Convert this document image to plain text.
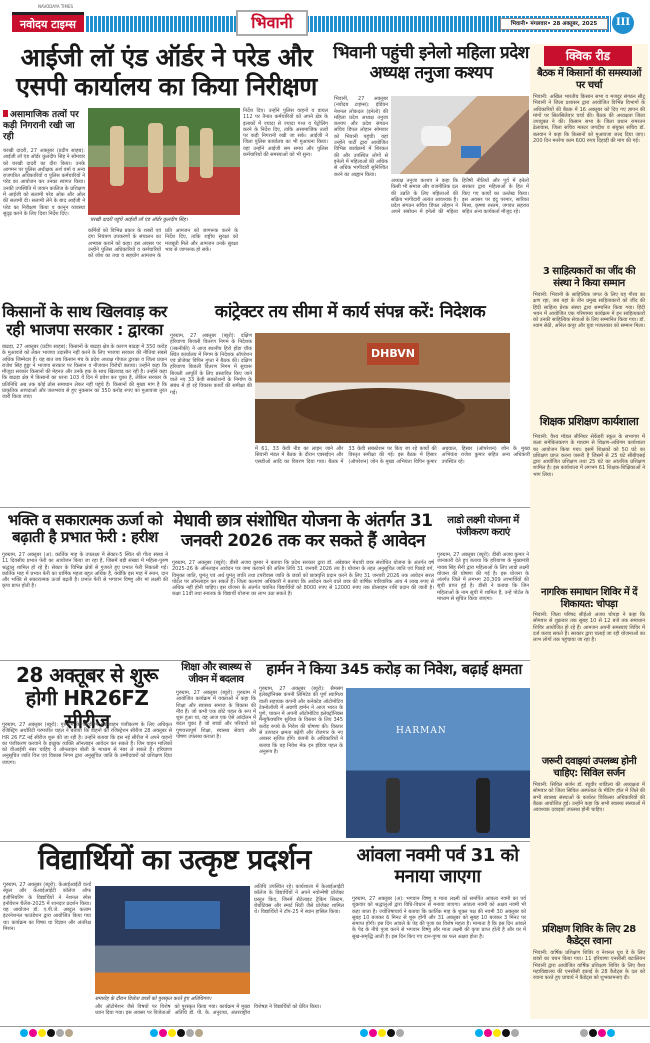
NAVODAYA TIMES
नवोदय टाइम्स	भिवानी	भिवानी• मंगलवार• 28 अक्तूबर, 2025	III
आईजी लॉ एंड ऑर्डर ने परेड और एसपी कार्यालय का किया निरीक्षण
असामाजिक तत्वों पर कड़ी निगरानी रखी जा रही
चरखी दादरी, 27 अक्तूबर (प्रदीप साहब): आईजी लॉ एंड ऑर्डर कुलदीप सिंह ने सोमवार को चरखी दादरी का दौरा किया। उनके आगमन पर पुलिस अधीक्षक अर्श वर्मा व अन्य राजपत्रित अधिकारियों व पुलिस कर्मचारियों ने परेड का आयोजन कर उनका स्वागत किया। उनकी उपस्थिति में जवान कालिज के प्रशिक्षण में आईजी को सलामी परेड ओक और ओल की सलामी दी। सलामी लेने के बाद आईजी ने परेड का निरीक्षण किया व कानून व्यवस्था सुदृढ़ करने के लिए दिशा निर्देश दिए।
चरखी दादरी पहुंचे आईजी लॉ एंड ऑर्डर कुलदीप सिंह।
कर्मियों को विभिन्न प्रकार के शस्त्रों एवं दंगा नियंत्रण उपकरणों के संचालन का अभ्यास कराने को कहा। इस अवसर पर उन्होंने पुलिस अधिकारियों व कर्मचारियों को जोश का तथा व सहयोग आमजन के प्रति आमजन को जागरूक करने के निर्देश दिए, ताकि राष्ट्रीय सुरक्षा को मजबूती मिले और आमजन उनके सुरक्षा भाव से जागरूक हो सकें।
निर्देश दिए। उन्होंने पुलिस वाहनों व डायल 112 पर तैनात कर्मचारियों को अपने क्षेत्र के इलाकों में ज्यादा से ज्यादा गश्त व पेट्रोलिंग करने के निर्देश दिए, ताकि असामाजिक तत्वों पर कड़ी निगरानी रखी जा सके। आईजी ने जिला पुलिस कार्यालय का भी मुआयना किया। वहां उन्होंने आईजी सम समय और पुलिस कर्मचारियों की समस्याओं को भी सुना।
भिवानी पहुंची इनेलो महिला प्रदेश अध्यक्ष तनुजा कश्यप
भिवानी, 27 अक्तूबर (नवोदय टाइम्स): इंडियन नेशनल लोकदल (इनेलो) की महिला प्रदेश अध्यक्ष तनुजा कश्यप और प्रदेश संगठन सचिव डिंपल लोहान सोमवार को भिवानी पहुंचीं। यहां उन्होंने पार्टी द्वारा आयोजित विभिन्न कार्यक्रमों में शिरकत की और उपस्थित लोगों से इनेलो में महिलाओं की अधिक से अधिक भागीदारी सुनिश्चित करने का आह्वान किया।
अध्यक्ष तनुजा कश्यप ने कहा कि किसी भी समाज और राजनीतिक दल की उन्नति के लिए महिलाओं की सक्रिय भागीदारी अत्यंत आवश्यक है। प्रदेश संगठन सचिव डिंपल लोहान ने अपने संबोधन में इनेलो की महिला हितैषी नीतियों और पूर्व में इनेलो सरकार द्वारा महिलाओं के हित में किए गए कार्यों का उल्लेख किया। इस अवसर पर इंदु परमार, सारिका मिश्रा, कृष्णा रुस्तम, जगवंत सहराय सहित अन्य कार्यकर्ता मौजूद रहे।
किसानों के साथ खिलवाड़ कर रही भाजपा सरकार : द्वारका
बाढड़ा, 27 अक्तूबर (प्रदीप साहब): किसानों के बाढड़ा क्षेत्र के कारण बाढड़ा में 350 करोड़ के मुआवजे को लेकर भाजपा उदासीन नहीं करने के लिए भाजपा सरकार की नीतियां सबसे अधिक जिम्मेदार हैं। यह बात जय किसान मंच के प्रदेश अध्यक्ष गोपाल द्वारका व जिला प्रधान राजेश सिंह हुड्डा ने भाजपा सरकार पर किसान व नौजवान विरोधी बताया। उन्होंने कहा कि मौजूदा सरकार किसानों की मेहनत और उनके हक के साथ खिलवाड़ कर रही है। उन्होंने कहा कि बाढड़ा क्षेत्र में किसानों का धरना 103 वें दिन में प्रवेश कर चुका है, लेकिन सरकार के प्रतिनिधि अब तक कोई ठोस समाधान लेकर नहीं पहुंचे हैं। किसानों की मुख्य मांग है कि प्राकृतिक आपदाओं और जलभराव से हुए नुकसान का 350 करोड़ रुपए का मुआवजा तुरंत जारी किया जाए।
कांट्रेक्टर तय सीमा में कार्य संपन्न करें: निदेशक
गुरुग्राम, 27 अक्तूबर (ब्यूरो): दक्षिण हरियाणा बिजली वितरण निगम के निदेशक (तकनीकी) ने आज स्थानीय हिरो होंडा चौक स्थित कार्यालय में निगम के निदेशक ऑपरेशन एवं प्रोजेक्ट विपिन गुप्ता ने बैठक की। दक्षिण हरियाणा बिजली वितरण निगम में सुचारू बिजली आपूर्ति के लिए प्रस्तावित किए जाने वाले नए 33 केवी सबस्टेशनों के निर्माण के संबंध में हो रहे विकास कार्यों की समीक्षा की गई।
DHBVN
में 61, 33 केवी नीड का लाइन जाने और सिवानी मंडल में बैठक के दौरान एक्सईएन और एसडीओ आदि का विवरण दिया गया। बैठक में 33 केवी सबस्टेशन पर किए जा रहे कार्यों की विस्तृत समीक्षा की गई। इस बैठक में हिसार (ऑपरेशन) जोन के मुख्य अभियंता विपिन कुमार अग्रवाल, हिसार (ऑपरेशन) जोन के मुख्य अभियंता राजेश कुमार सहित अन्य अधिकारी उपस्थित रहे।
भक्ति व सकारात्मक ऊर्जा को बढ़ाती है प्रभात फेरी : हरीश
गुरुग्राम, 27 अक्तूबर (अ): कार्तिक माह के उपलक्ष्य में सेक्टर-5 स्थित श्री गीता संस्था ने 11 दिवसीय प्रभात फेरी का आयोजन किया जा रहा है, जिसमें बड़ी संख्या में महिला-पुरुष श्रद्धालु शामिल हो रहे हैं। सेक्टर के विभिन्न क्षेत्रों से गुजरते हुए प्रभात फेरी निकाली गई। कार्तिक माह में प्रभात फेरी का धार्मिक महत्व बहुत अधिक है, क्योंकि इस माह में स्नान, दान और भक्ति से सकारात्मक ऊर्जा बढ़ती है। प्रभात फेरी से भगवान विष्णु और मां लक्ष्मी की कृपा प्राप्त होती है।
मेधावी छात्र संशोधित योजना के अंतर्गत 31 जनवरी 2026 तक कर सकते हैं आवेदन
गुरुग्राम, 27 अक्तूबर (ब्यूरो): डीसी अजय कुमार ने बताया कि प्रदेश सरकार द्वारा डॉ. अंबेडकर मेधावी छात्र संशोधित योजना के अंतर्गत वर्ष 2025-26 के ऑनलाइन आवेदन पत्र जमा करवाने की अंतिम तिथि 31 जनवरी 2026 तय है। योजना के तहत अनुसूचित जाति एवं पिछड़े वर्ग, विमुक्त जाति, घुमंतू एवं अर्ध घुमंतू जाति तथा टपरीवास जाति के छात्रों को छात्रवृत्ति प्रदान करने के लिए 31 जनवरी 2026 तक आवेदन सरल पोर्टल पर ऑनलाइन कर सकते हैं। जिला कल्याण अधिकारी ने बताया कि आवेदन करने वाले छात्र की वार्षिक पारिवारिक आय 4 लाख रुपए से अधिक नहीं होनी चाहिए। इस योजना के अंतर्गत चयनित विद्यार्थियों को 8000 रुपए से 12000 रुपए तक प्रोत्साहन राशि प्रदान की जाती है। कक्षा 11वीं तथा स्नातक के विद्यार्थी योजना का लाभ उठा सकते हैं।
लाडो लक्ष्मी योजना में पंजीकरण कराएं
गुरुग्राम, 27 अक्तूबर (ब्यूरो): डीसी अजय कुमार ने जानकारी देते हुए बताया कि हरियाणा के मुख्यमंत्री नायब सिंह सैनी द्वारा महिलाओं के लिए लाडो लक्ष्मी योजना की घोषणा की गई है। इस योजना के अंतर्गत जिले में लगभग 20,309 लाभार्थियों की सूची प्राप्त हुई है। डीसी ने बताया कि जिन महिलाओं के नाम सूची में शामिल हैं, उन्हें पोर्टल के माध्यम से सूचित किया जाएगा।
28 अक्तूबर से शुरू होगी HR26FZ सीरीज
गुरुग्राम, 27 अक्तूबर (ब्यूरो): गुरुग्राम के एसडीएम एवं वाहन पंजीकरण के लिए अधिकृत रजिस्ट्रिंग अथॉरिटी परमजीत चहल ने बताया कि वाहनों की रजिस्ट्रेशन सीरीज 28 अक्तूबर से HR 26 FZ नई सीरीज शुरू की जा रही है। उन्होंने बताया कि इस नई सीरीज में अपने वाहनों का पंजीकरण करवाने के इच्छुक व्यक्ति ऑनलाइन आवेदन कर सकते हैं। जिन वाहन मालिकों को वीआईपी नंबर चाहिए वे ऑनलाइन बोली के माध्यम से नंबर ले सकते हैं। हरियाणा अनुसूचित जाति वित्त एवं विकास निगम द्वारा अनुसूचित जाति के उम्मीदवारों को प्रशिक्षण दिया जाएगा।
शिक्षा और स्वास्थ्य से जीवन में बदलाव
गुरुग्राम, 27 अक्तूबर (ब्यूरो): गुरुग्राम में आयोजित कार्यक्रम में वक्ताओं ने कहा कि शिक्षा और स्वास्थ्य समाज के विकास की नींव हैं। जो कभी एक छोटे पहल के रूप में शुरू हुआ था, वह आज एक ऐसे आंदोलन में बदल चुका है जो बच्चों और परिवारों को गुणवत्तापूर्ण शिक्षा, स्वास्थ्य सेवाएं और पोषण उपलब्ध कराता है।
हार्मन ने किया 345 करोड़ का निवेश, बढ़ाई क्षमता
गुरुग्राम, 27 अक्तूबर (ब्यूरो): सैमसंग इलेक्ट्रॉनिक्स कंपनी लिमिटेड की पूर्ण स्वामित्व वाली सहायक कंपनी और कनेक्टेड ऑटोमोटिव टेक्नोलॉजी में अग्रणी हार्मन ने आज भारत के पुणे, चाकन में अपनी ऑटोमोटिव इलेक्ट्रॉनिक्स मैन्युफैक्चरिंग सुविधा के विस्तार के लिए 345 करोड़ रुपये के निवेश की घोषणा की। विस्तार से उत्पादन क्षमता बढ़ेगी और रोजगार के नए अवसर सृजित होंगे। कंपनी के अधिकारियों ने बताया कि यह निवेश मेक इन इंडिया पहल के अनुरूप है।
HARMAN
विद्यार्थियों का उत्कृष्ट प्रदर्शन
गुरुग्राम, 27 अक्तूबर (ब्यूरो): केआईआईटी वर्ल्ड स्कूल और केआईआईटी कॉलेज ऑफ इंजीनियरिंग के विद्यार्थियों ने नेशनल स्पेस इनोवेशन चैलेंज-2025 में शानदार प्रदर्शन किया। यह आयोजन डॉ. ए.पी.जे. अब्दुल कलाम इंटरनेशनल फाउंडेशन द्वारा आयोजित किया गया था। कार्यक्रम का विषय था विज्ञान और अंतरिक्ष मिशन।
समारोह के दौरान विजेता छात्रों को पुरस्कृत करते हुए अतिथिगण।
और ऑटोमेशन जैसे विषयों पर विशेष ध्यान दिया गया। इस अवसर पर विजेताओं को पुरस्कृत किया गया। कार्यक्रम में मुख्य अतिथि डॉ. पी. के. अनुराधा, अंतरराष्ट्रीय विशेषज्ञ ने विद्यार्थियों को प्रेरित किया।
अतिथि उपस्थित रहे। कार्यशाला में केआईआईटी कॉलेज के विद्यार्थियों ने अपने नवोन्मेषी प्रोजेक्ट प्रस्तुत किए, जिनमें सैटेलाइट ट्रैकिंग सिस्टम, रोबोटिक्स और स्मार्ट सिटी जैसे प्रोजेक्ट शामिल थे। विद्यार्थियों ने टॉप-25 में स्थान हासिल किया।
आंवला नवमी पर्व 31 को मनाया जाएगा
गुरुग्राम, 27 अक्तूबर (अ): भगवान विष्णु व माता लक्ष्मी को समर्पित आंवला नवमी का पर्व शुक्रवार को श्रद्धालुओं द्वारा विधि-विधान से मनाया जाएगा। आंवला नवमी को अक्षय नवमी भी कहा जाता है। ज्योतिषाचार्य ने बताया कि कार्तिक माह के शुक्ल पक्ष की नवमी 30 अक्तूबर को सुबह 10 बजकर 6 मिनट से शुरू होगी और 31 अक्तूबर को सुबह 10 बजकर 3 मिनट पर समाप्त होगी। इस दिन आंवले के पेड़ की पूजा का विशेष महत्व है। मान्यता है कि इस दिन आंवले के पेड़ के नीचे पूजा करने से भगवान विष्णु और माता लक्ष्मी की कृपा प्राप्त होती है और घर में सुख-समृद्धि आती है। इस दिन किए गए दान-पुण्य का फल अक्षय होता है।
क्विक रीड
बैठक में किसानों की समस्याओं पर चर्चा
भिवानी: अखिल भारतीय किसान सभा व मजदूर संगठन सीटू भिवानी ने जिला प्रशासन द्वारा आयोजित विभिन्न विभागों के अधिकारियों की बैठक में 16 अक्तूबर को दिए गए ज्ञापन की मांगों पर सिलसिलेवार चर्चा की। बैठक की अध्यक्षता जिला उपायुक्त ने की। किसान सभा के जिला प्रधान रामरतन ढेलावास, जिला सचिव मास्टर जगदीश व संयुक्त सचिव डॉ. बलवान ने कहा कि किसानों को मुआवजा जल्द दिया जाए। 200 दिन मनरेगा काम 600 रुपए दिहाड़ी की मांग की गई।
3 साहित्यकारों का जींद की संस्था ने किया सम्मान
भिवानी: भिवानी के साहित्यिक जगत के लिए यह गौरव का क्षण रहा, जब यहां के तीन प्रमुख साहित्यकारों को जींद की हिंदी साहित्य प्रेरक संस्था द्वारा सम्मानित किया गया। हिंदी भवन में आयोजित एक गरिमामय कार्यक्रम में इन साहित्यकारों को उनकी साहित्यिक सेवाओं के लिए सम्मानित किया गया। डॉ. श्याम सेठी, अनिल कपूर और युवा गजलकार को सम्मान मिला।
शिक्षक प्रशिक्षण कार्यशाला
भिवानी: वैश्य मॉडल सीनियर सेकेंडरी स्कूल के सभागार में कला समेकितकरण के माध्यम से शिक्षण-अधिगम कार्यशाला का आयोजन किया गया। इसमें शिक्षकों को 50 घंटे का प्रशिक्षण प्राप्त करना जरूरी है जिसमें से 25 घंटे सीबीएसई द्वारा आयोजित प्रशिक्षण तथा 25 घंटे का आंतरिक प्रशिक्षण शामिल है। इस कार्यशाला में लगभग 61 शिक्षक-शिक्षिकाओं ने भाग लिया।
नागरिक समाधान शिविर में दें शिकायत: चोपड़ा
भिवानी: जिला परिषद सीईओ अजय चोपड़ा ने कहा कि सोमवार से शुक्रवार तक सुबह 10 से 12 बजे तक समाधान शिविर आयोजित हो रहे हैं। आमजन अपनी समस्याएं शिविर में दर्ज करवा सकते हैं। सरकार द्वारा चलाई जा रही योजनाओं का लाभ लोगों तक पहुंचाया जा रहा है।
जरूरी दवाइयां उपलब्ध होनी चाहिए: सिविल सर्जन
भिवानी: सिविल सर्जन डॉ. रघुवीर शांडिल्य की अध्यक्षता में सोमवार को जिला सिविल अस्पताल के मीटिंग हॉल में जिले की सभी स्वास्थ्य संस्थाओं के कार्यरत चिकित्सा अधिकारियों की बैठक आयोजित हुई। उन्होंने कहा कि सभी स्वास्थ्य संस्थाओं में आवश्यक दवाइयां उपलब्ध होनी चाहिए।
प्रशिक्षण शिविर के लिए 28 कैडेट्स रवाना
भिवानी: वार्षिक प्रशिक्षण शिविर व नेशनल यूथ डे के लिए छात्रों का चयन किया गया। 11 हरियाणा एनसीसी बटालियन भिवानी द्वारा आयोजित वार्षिक प्रशिक्षण शिविर के लिए वैश्य महाविद्यालय की एनसीसी इकाई के 28 कैडेट्स के दल को रवाना करते हुए प्राचार्य ने कैडेट्स को शुभकामनाएं दी।
